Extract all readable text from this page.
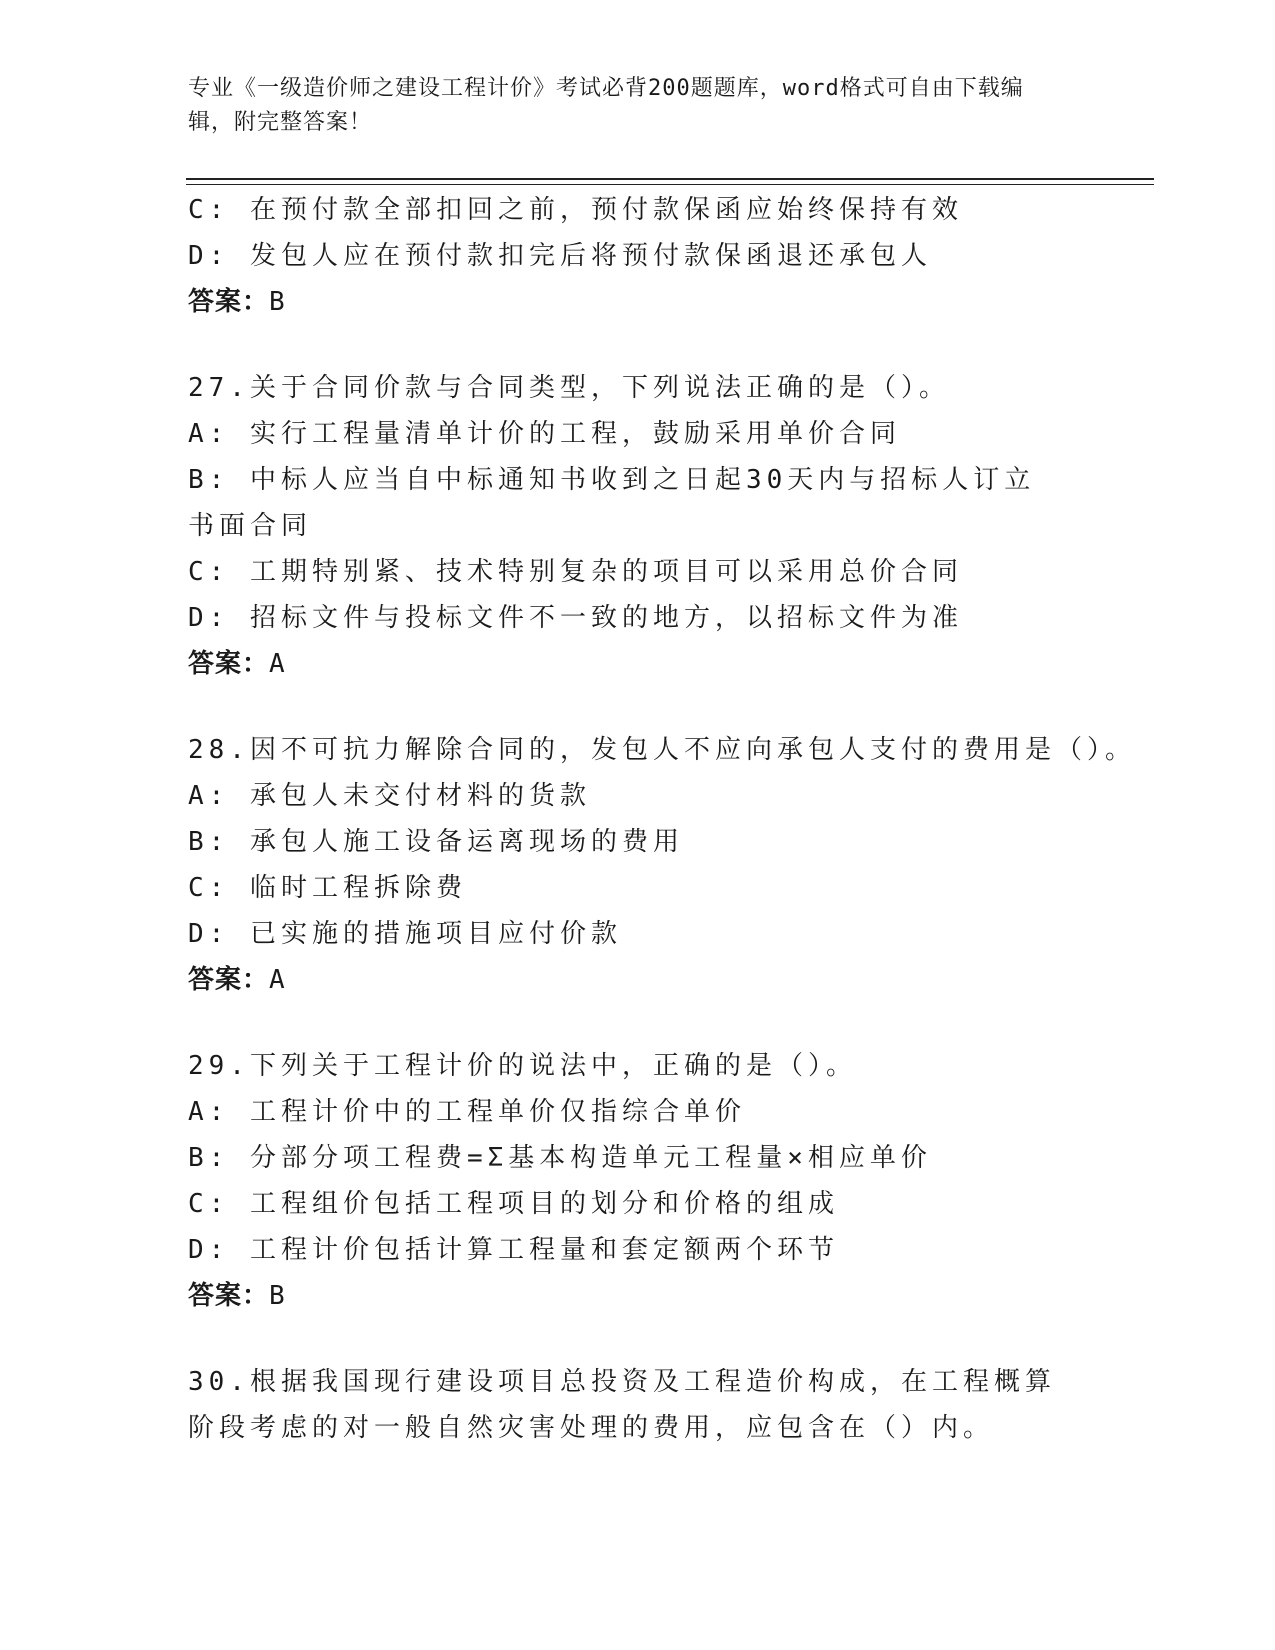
专业《一级造价师之建设工程计价》考试必背200题题库，word格式可自由下载编辑，附完整答案！
C: 在预付款全部扣回之前，预付款保函应始终保持有效
D: 发包人应在预付款扣完后将预付款保函退还承包人
答案：B
27.关于合同价款与合同类型，下列说法正确的是（）。
A: 实行工程量清单计价的工程，鼓励采用单价合同
B: 中标人应当自中标通知书收到之日起30天内与招标人订立书面合同
C: 工期特别紧、技术特别复杂的项目可以采用总价合同
D: 招标文件与投标文件不一致的地方，以招标文件为准
答案：A
28.因不可抗力解除合同的，发包人不应向承包人支付的费用是（）。
A: 承包人未交付材料的货款
B: 承包人施工设备运离现场的费用
C: 临时工程拆除费
D: 已实施的措施项目应付价款
答案：A
29.下列关于工程计价的说法中，正确的是（）。
A: 工程计价中的工程单价仅指综合单价
B: 分部分项工程费=Σ基本构造单元工程量×相应单价
C: 工程组价包括工程项目的划分和价格的组成
D: 工程计价包括计算工程量和套定额两个环节
答案：B
30.根据我国现行建设项目总投资及工程造价构成，在工程概算阶段考虑的对一般自然灾害处理的费用，应包含在（）内。
